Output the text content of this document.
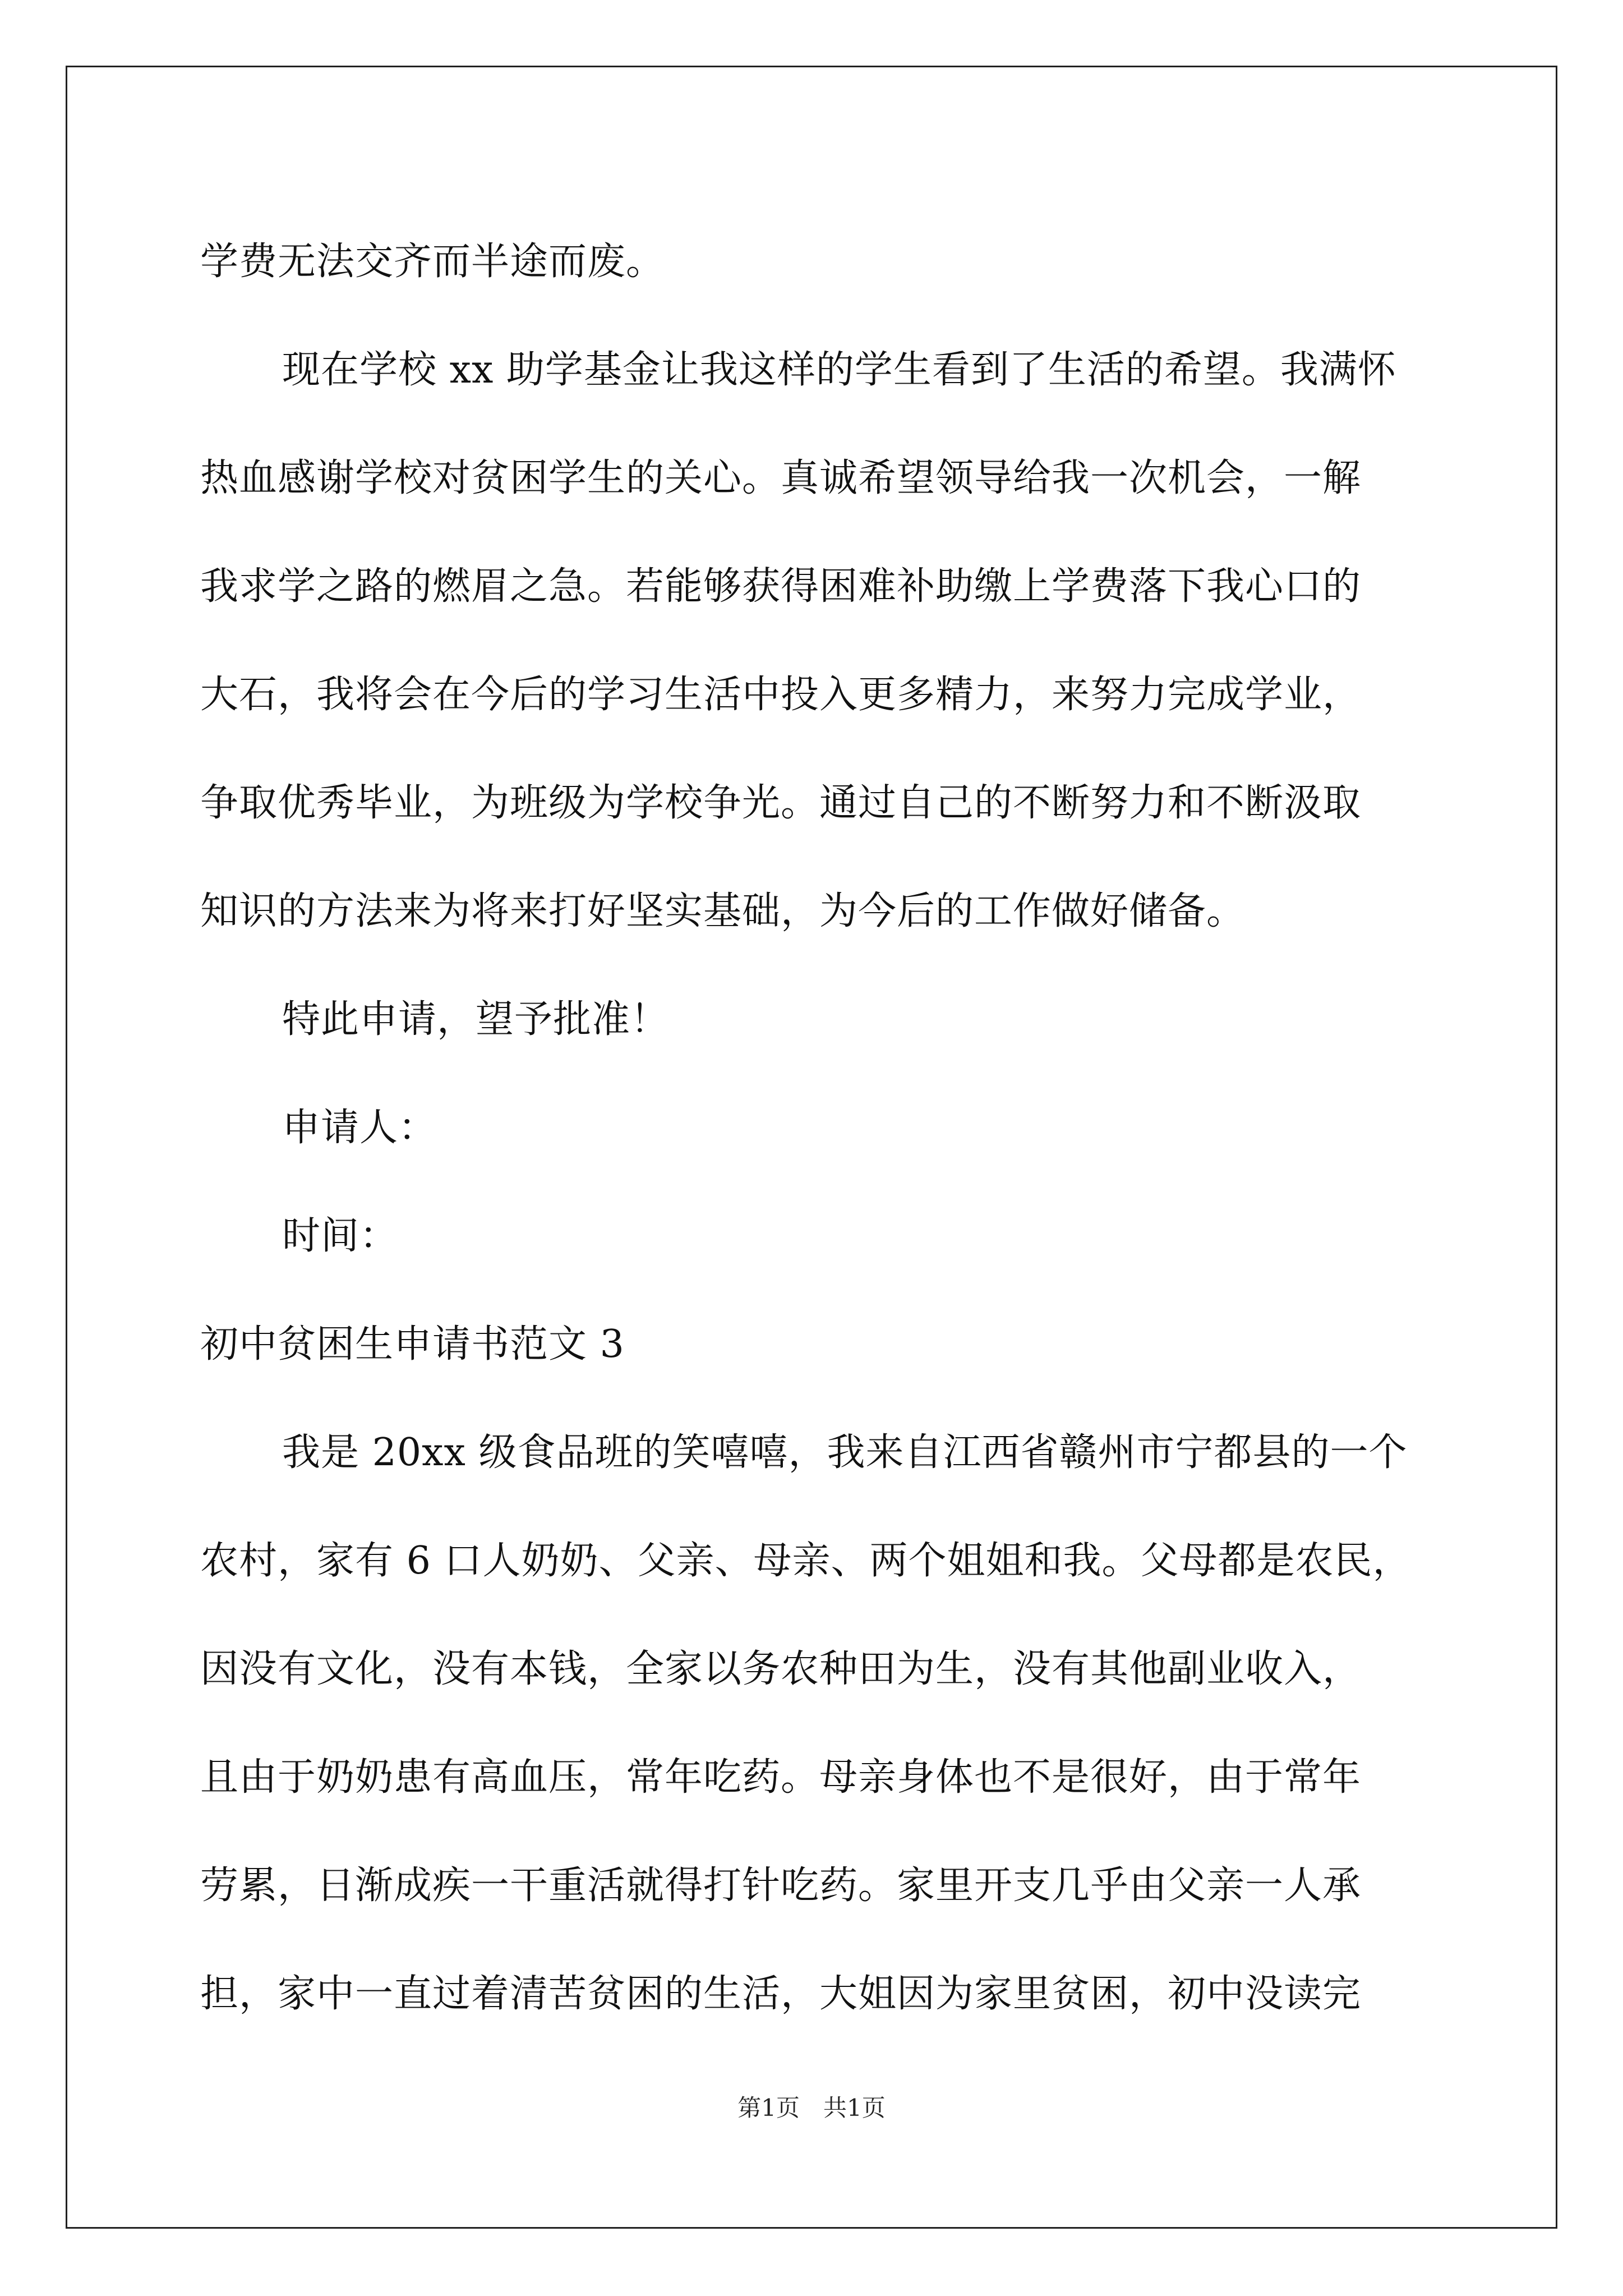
学费无法交齐而半途而废。
现在学校 xx 助学基金让我这样的学生看到了生活的希望。我满怀
热血感谢学校对贫困学生的关心。真诚希望领导给我一次机会，一解
我求学之路的燃眉之急。若能够获得困难补助缴上学费落下我心口的
大石，我将会在今后的学习生活中投入更多精力，来努力完成学业，
争取优秀毕业，为班级为学校争光。通过自己的不断努力和不断汲取
知识的方法来为将来打好坚实基础，为今后的工作做好储备。
特此申请，望予批准！
申请人：
时间：
初中贫困生申请书范文 3
我是 20xx 级食品班的笑嘻嘻，我来自江西省赣州市宁都县的一个
农村，家有 6 口人奶奶、父亲、母亲、两个姐姐和我。父母都是农民，
因没有文化，没有本钱，全家以务农种田为生，没有其他副业收入，
且由于奶奶患有高血压，常年吃药。母亲身体也不是很好，由于常年
劳累，日渐成疾一干重活就得打针吃药。家里开支几乎由父亲一人承
担，家中一直过着清苦贫困的生活，大姐因为家里贫困，初中没读完
第1页　共1页
